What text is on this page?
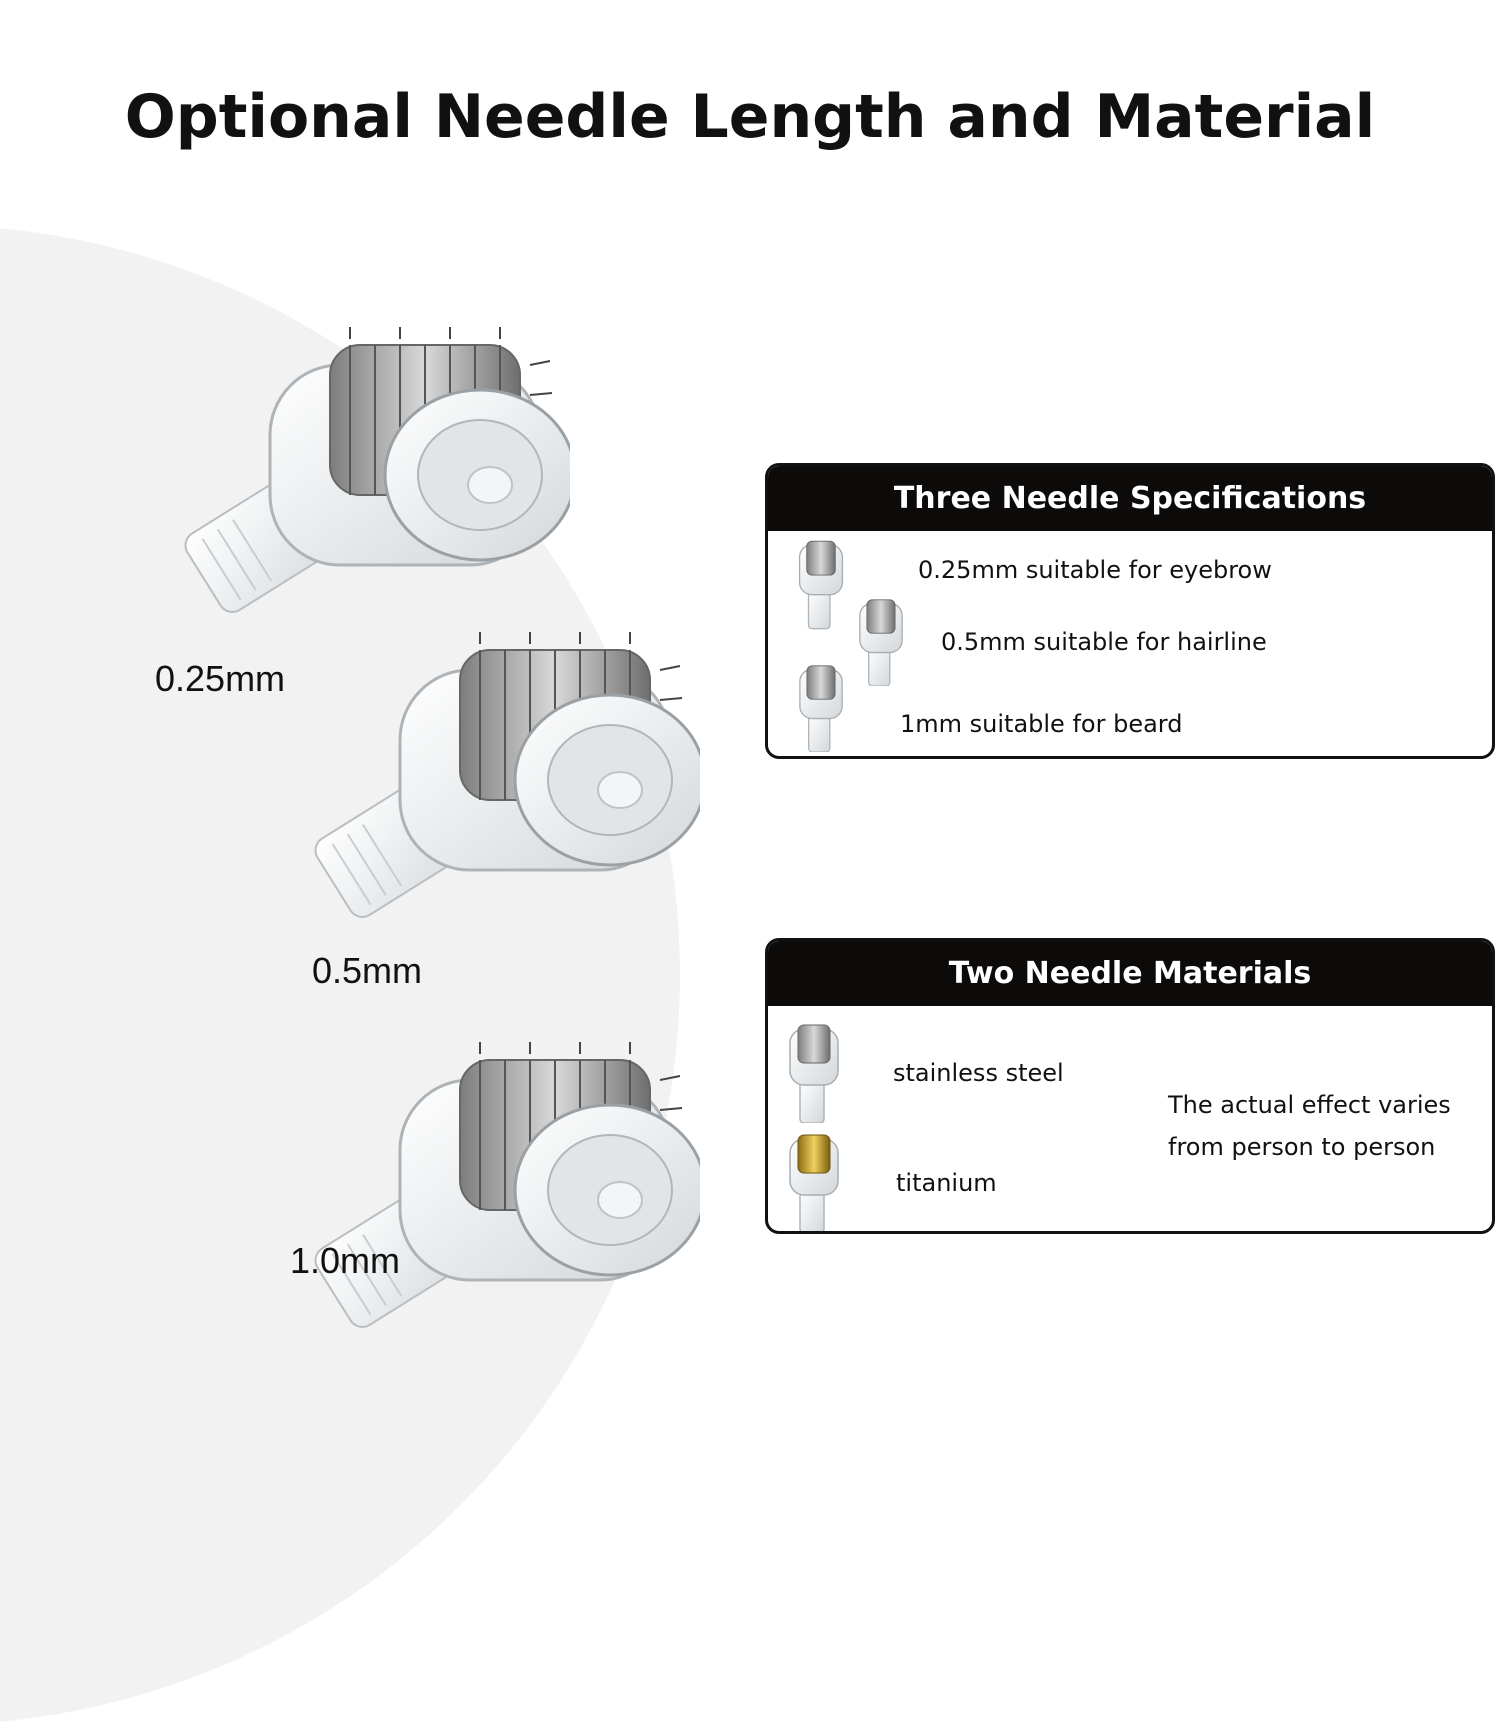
Optional Needle Length and Material
0.25mm
0.5mm
1.0mm
Three Needle Specifications
0.25mm suitable for eyebrow
0.5mm suitable for hairline
1mm suitable for beard
Two Needle Materials
stainless steel
titanium
The actual effect varies
from person to person
